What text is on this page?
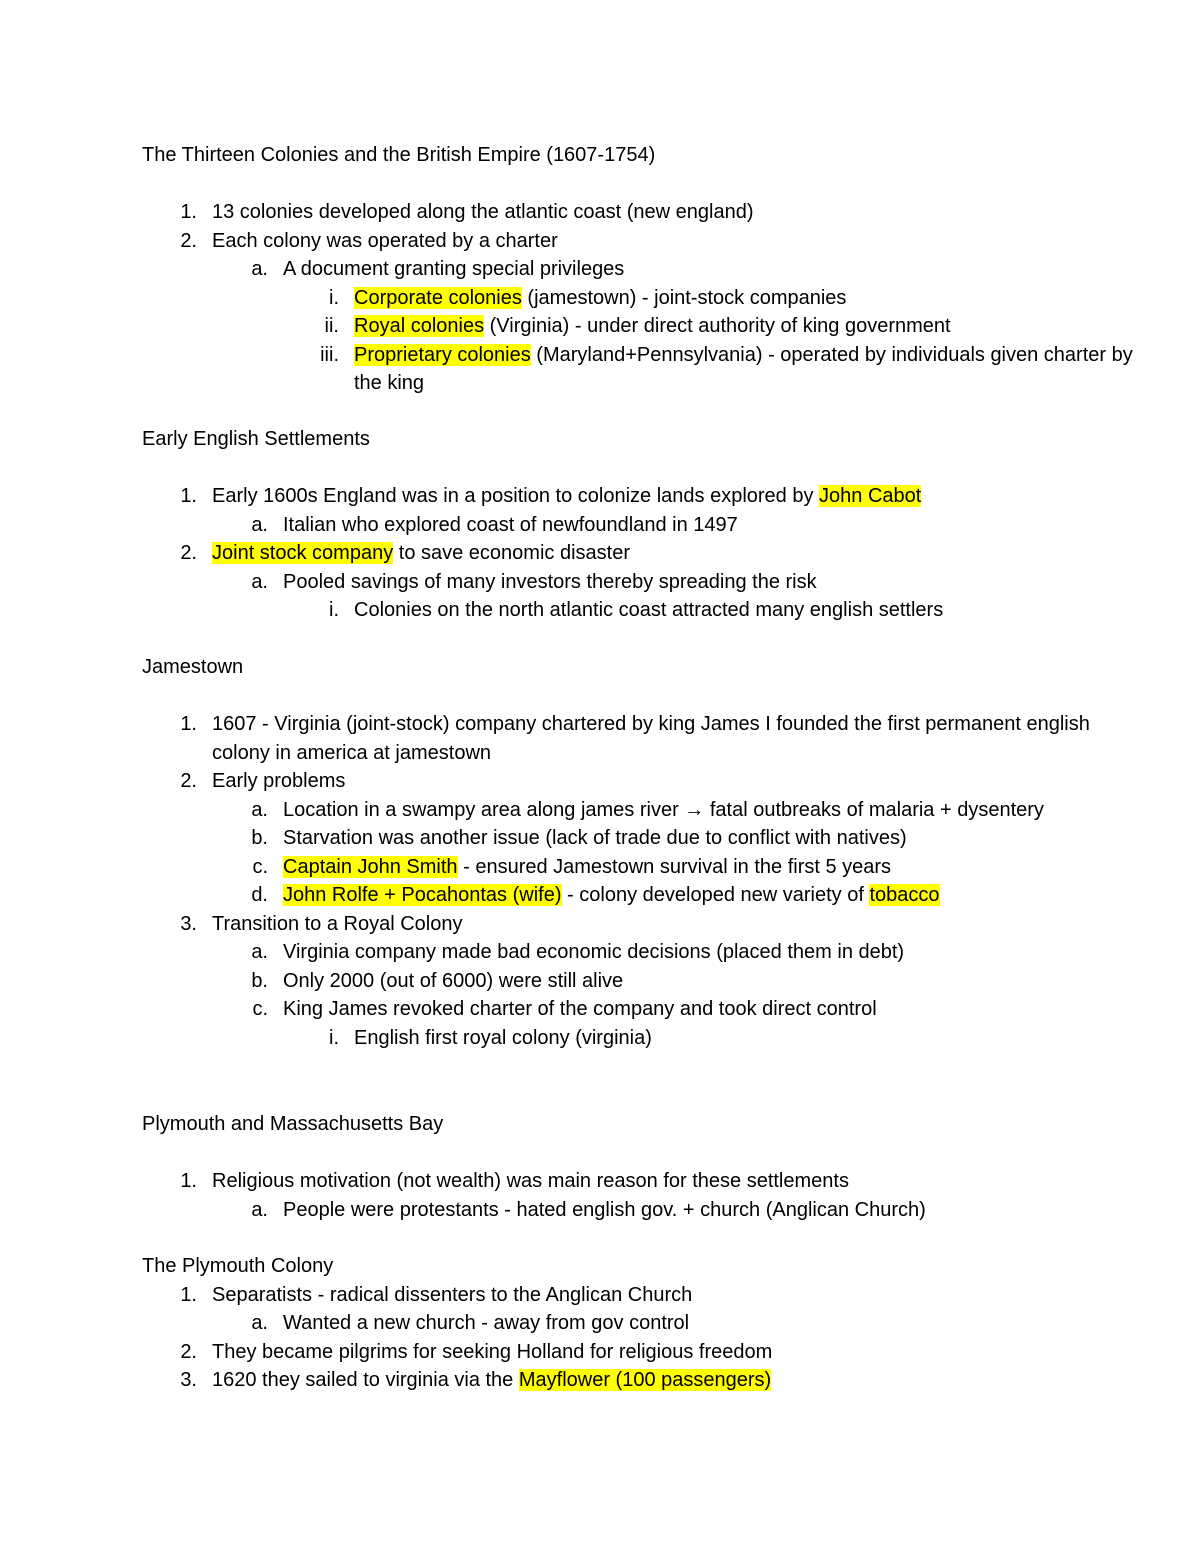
The Thirteen Colonies and the British Empire (1607-1754)
1. 13 colonies developed along the atlantic coast (new england)
2. Each colony was operated by a charter
a. A document granting special privileges
i. Corporate colonies (jamestown) - joint-stock companies
ii. Royal colonies (Virginia) - under direct authority of king government
iii. Proprietary colonies (Maryland+Pennsylvania) - operated by individuals given charter by the king
Early English Settlements
1. Early 1600s England was in a position to colonize lands explored by John Cabot
a. Italian who explored coast of newfoundland in 1497
2. Joint stock company to save economic disaster
a. Pooled savings of many investors thereby spreading the risk
i. Colonies on the north atlantic coast attracted many english settlers
Jamestown
1. 1607 - Virginia (joint-stock) company chartered by king James I founded the first permanent english colony in america at jamestown
2. Early problems
a. Location in a swampy area along james river → fatal outbreaks of malaria + dysentery
b. Starvation was another issue (lack of trade due to conflict with natives)
c. Captain John Smith - ensured Jamestown survival in the first 5 years
d. John Rolfe + Pocahontas (wife) - colony developed new variety of tobacco
3. Transition to a Royal Colony
a. Virginia company made bad economic decisions (placed them in debt)
b. Only 2000 (out of 6000) were still alive
c. King James revoked charter of the company and took direct control
i. English first royal colony (virginia)
Plymouth and Massachusetts Bay
1. Religious motivation (not wealth) was main reason for these settlements
a. People were protestants - hated english gov. + church (Anglican Church)
The Plymouth Colony
1. Separatists - radical dissenters to the Anglican Church
a. Wanted a new church - away from gov control
2. They became pilgrims for seeking Holland for religious freedom
3. 1620 they sailed to virginia via the Mayflower (100 passengers)
